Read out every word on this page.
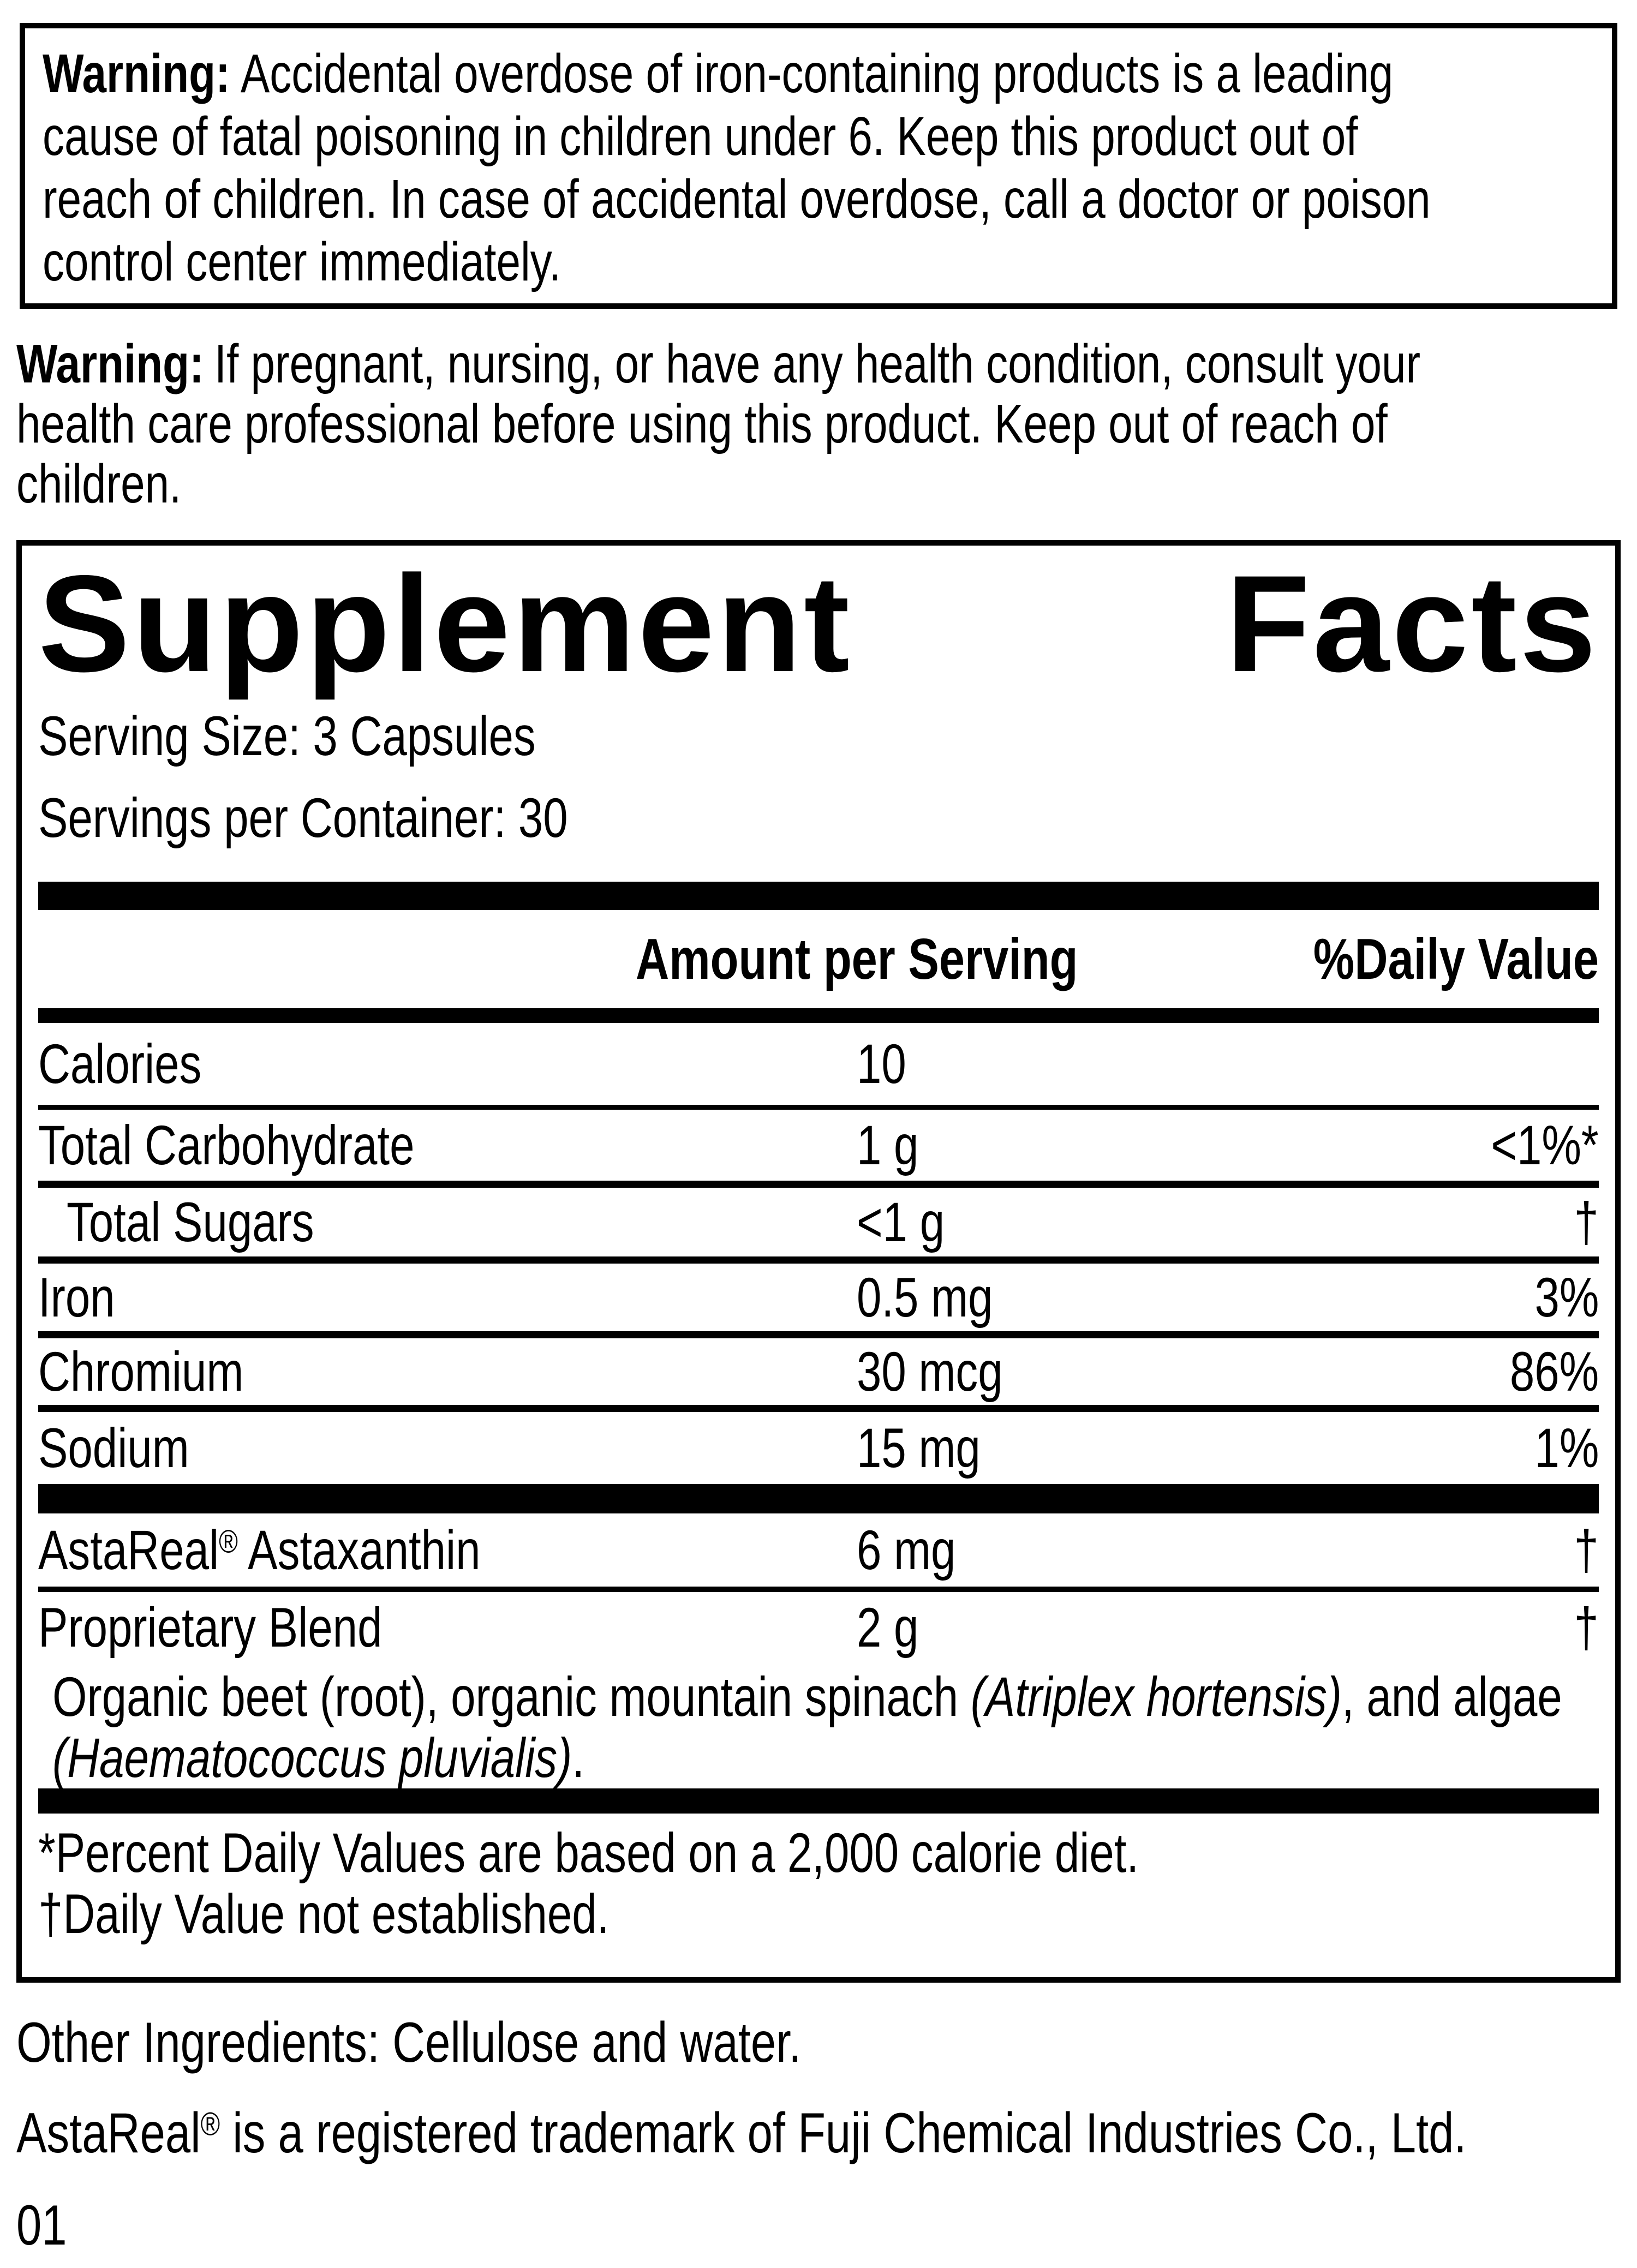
Warning: Accidental overdose of iron-containing products is a leading
cause of fatal poisoning in children under 6. Keep this product out of
reach of children. In case of accidental overdose, call a doctor or poison
control center immediately.
Warning: If pregnant, nursing, or have any health condition, consult your
health care professional before using this product. Keep out of reach of
children.
Supplement	Facts
Serving Size: 3 Capsules
Servings per Container: 30
Amount per Serving	%Daily Value
Calories	10
Total Carbohydrate	1 g	<1%*
Total Sugars	<1 g	†
Iron	0.5 mg	3%
Chromium	30 mcg	86%
Sodium	15 mg	1%
AstaReal® Astaxanthin	6 mg	†
Proprietary Blend	2 g	†
Organic beet (root), organic mountain spinach (Atriplex hortensis), and algae
(Haematococcus pluvialis).
*Percent Daily Values are based on a 2,000 calorie diet.
†Daily Value not established.
Other Ingredients: Cellulose and water.
AstaReal® is a registered trademark of Fuji Chemical Industries Co., Ltd.
01
